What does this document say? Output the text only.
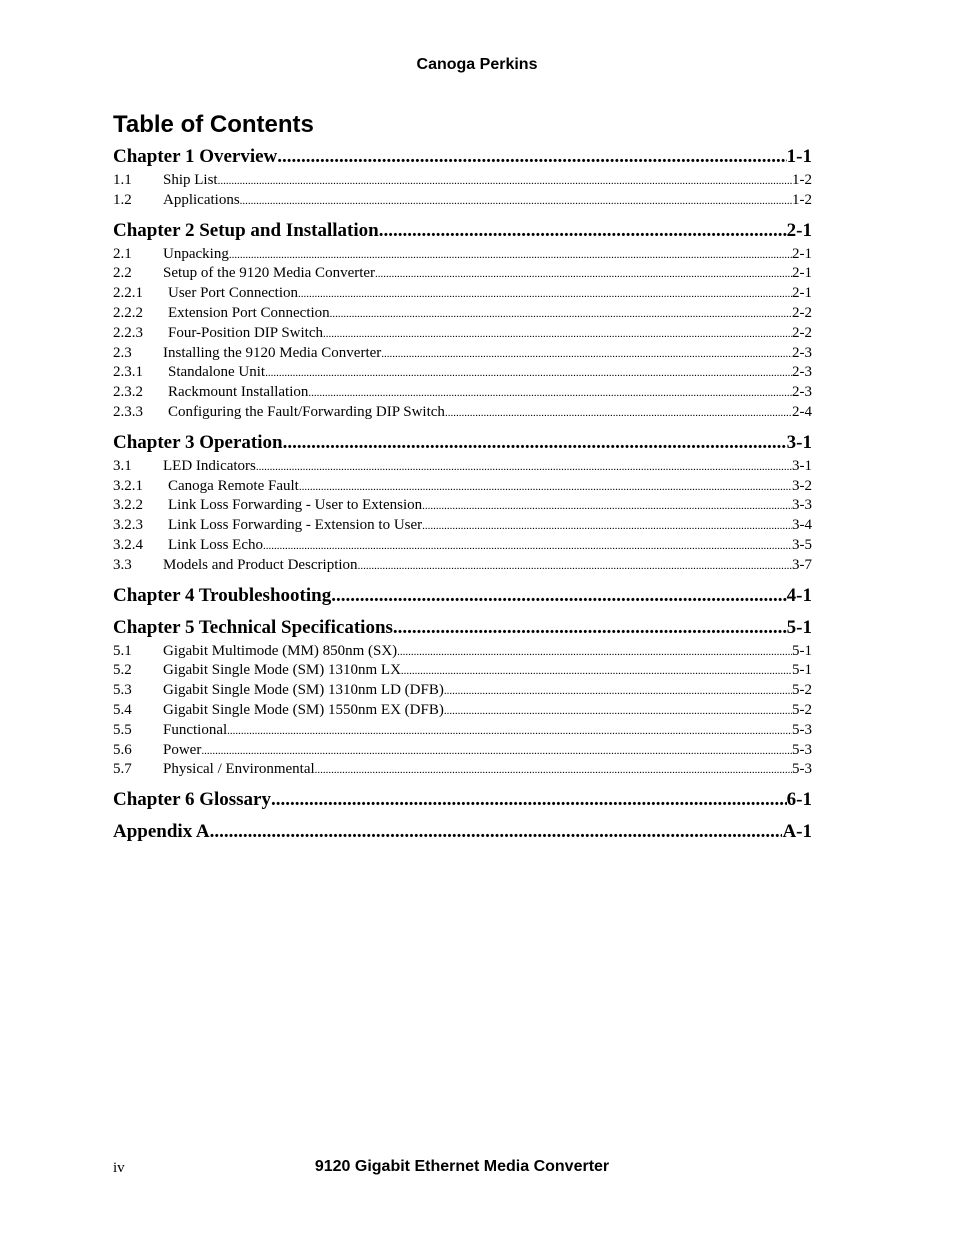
Canoga Perkins
Table of Contents
Chapter 1 Overview .....	1-1
1.1	Ship List .....	1-2
1.2	Applications .....	1-2
Chapter 2 Setup and Installation .....	2-1
2.1	Unpacking .....	2-1
2.2	Setup of the 9120 Media Converter .....	2-1
2.2.1	User Port Connection .....	2-1
2.2.2	Extension Port Connection .....	2-2
2.2.3	Four-Position DIP Switch .....	2-2
2.3	Installing the 9120 Media Converter .....	2-3
2.3.1	Standalone Unit .....	2-3
2.3.2	Rackmount Installation .....	2-3
2.3.3	Configuring the Fault/Forwarding DIP Switch .....	2-4
Chapter 3 Operation .....	3-1
3.1	LED Indicators .....	3-1
3.2.1	Canoga Remote Fault .....	3-2
3.2.2	Link Loss Forwarding - User to Extension .....	3-3
3.2.3	Link Loss Forwarding - Extension to User .....	3-4
3.2.4	Link Loss Echo .....	3-5
3.3	Models and Product Description .....	3-7
Chapter 4 Troubleshooting .....	4-1
Chapter 5 Technical Specifications .....	5-1
5.1	Gigabit Multimode (MM) 850nm (SX) .....	5-1
5.2	Gigabit Single Mode (SM) 1310nm LX .....	5-1
5.3	Gigabit Single Mode (SM) 1310nm LD (DFB) .....	5-2
5.4	Gigabit Single Mode (SM) 1550nm EX (DFB) .....	5-2
5.5	Functional .....	5-3
5.6	Power .....	5-3
5.7	Physical / Environmental .....	5-3
Chapter 6 Glossary .....	6-1
Appendix A .....	A-1
iv	9120 Gigabit Ethernet Media Converter
